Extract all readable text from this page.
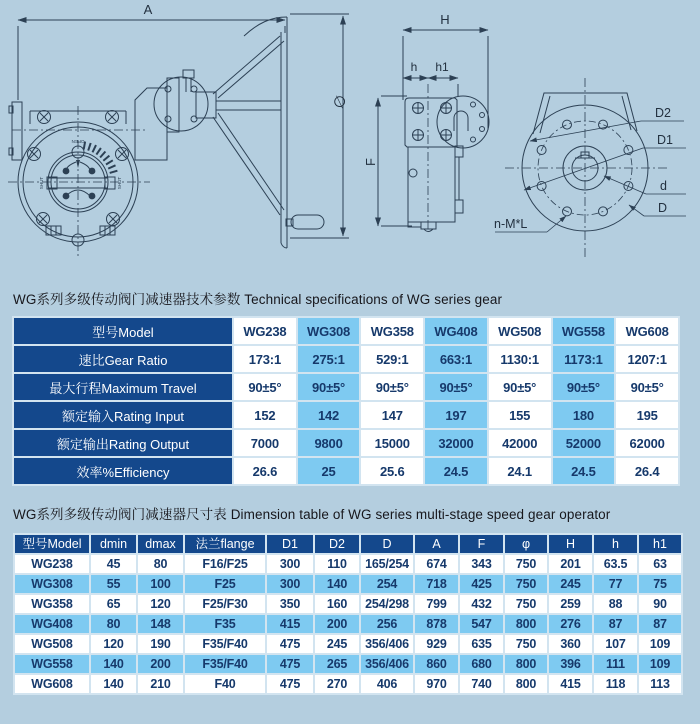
A
∅
OPEN
SHUT	SHUT
H
h h1
F
D2
D1
d
D
n-M*L
WG系列多级传动阀门减速器技术参数 Technical specifications of WG series gear
型号Model	WG238	WG308	WG358	WG408	WG508	WG558	WG608
速比Gear Ratio	173:1	275:1	529:1	663:1	1130:1	1173:1	1207:1
最大行程Maximum Travel	90±5°	90±5°	90±5°	90±5°	90±5°	90±5°	90±5°
额定输入Rating Input	152	142	147	197	155	180	195
额定输出Rating Output	7000	9800	15000	32000	42000	52000	62000
效率%Efficiency	26.6	25	25.6	24.5	24.1	24.5	26.4
WG系列多级传动阀门减速器尺寸表 Dimension table of WG series multi-stage speed gear operator
型号Model	dmin	dmax	法兰flange	D1	D2	D	A	F	φ	H	h	h1
WG238	45	80	F16/F25	300	110	165/254	674	343	750	201	63.5	63
WG308	55	100	F25	300	140	254	718	425	750	245	77	75
WG358	65	120	F25/F30	350	160	254/298	799	432	750	259	88	90
WG408	80	148	F35	415	200	256	878	547	800	276	87	87
WG508	120	190	F35/F40	475	245	356/406	929	635	750	360	107	109
WG558	140	200	F35/F40	475	265	356/406	860	680	800	396	111	109
WG608	140	210	F40	475	270	406	970	740	800	415	118	113
